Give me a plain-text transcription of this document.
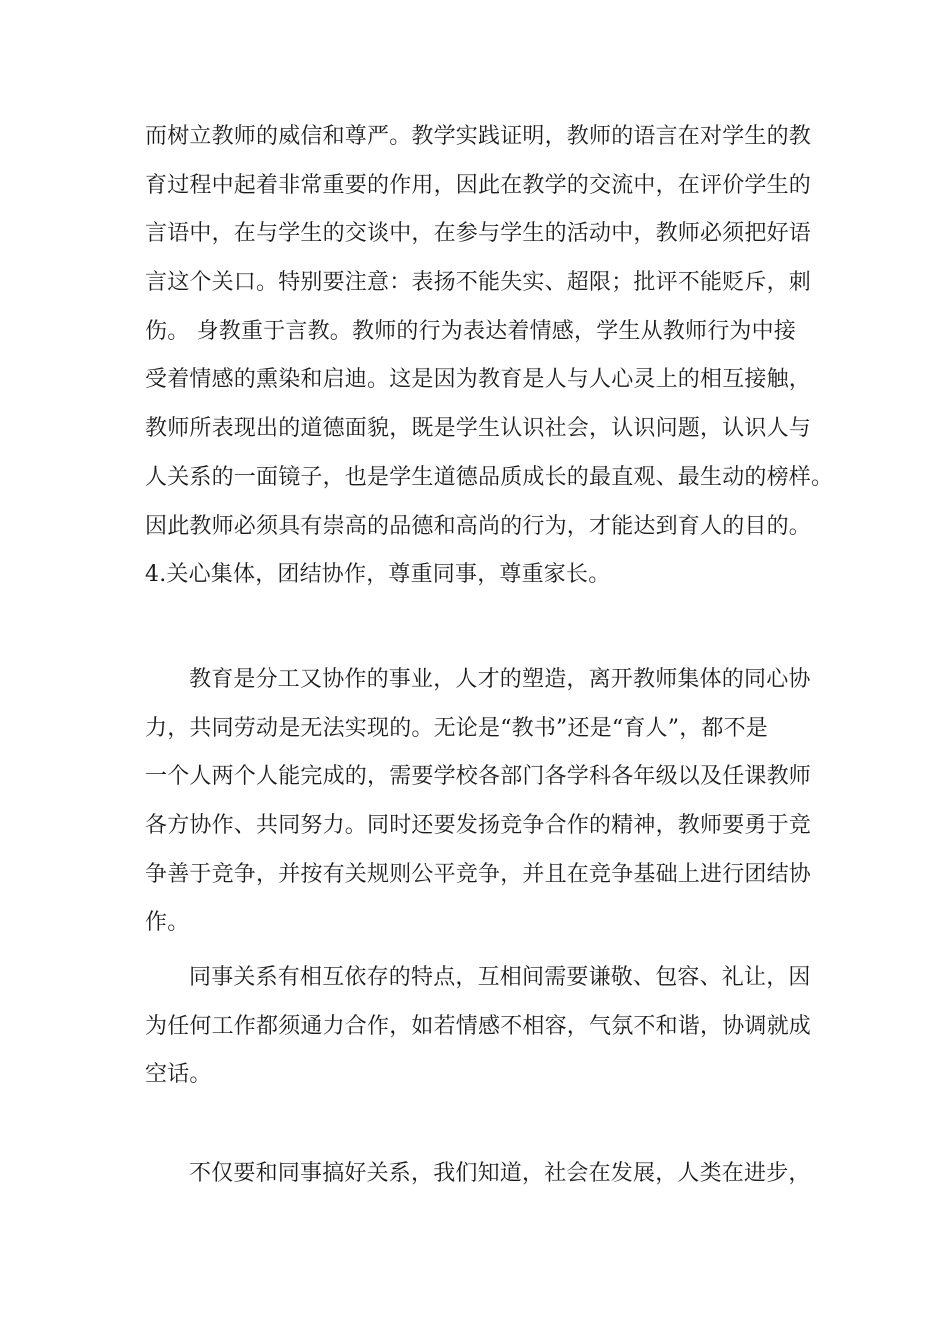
而树立教师的威信和尊严。教学实践证明，教师的语言在对学生的教
育过程中起着非常重要的作用，因此在教学的交流中，在评价学生的
言语中，在与学生的交谈中，在参与学生的活动中，教师必须把好语
言这个关口。特别要注意：表扬不能失实、超限；批评不能贬斥，刺
伤。 身教重于言教。教师的行为表达着情感，学生从教师行为中接
受着情感的熏染和启迪。这是因为教育是人与人心灵上的相互接触，
教师所表现出的道德面貌，既是学生认识社会，认识问题，认识人与
人关系的一面镜子，也是学生道德品质成长的最直观、最生动的榜样。
因此教师必须具有崇高的品德和高尚的行为，才能达到育人的目的。
4.关心集体，团结协作，尊重同事，尊重家长。
教育是分工又协作的事业，人才的塑造，离开教师集体的同心协
力，共同劳动是无法实现的。无论是“教书”还是“育人”，都不是
一个人两个人能完成的，需要学校各部门各学科各年级以及任课教师
各方协作、共同努力。同时还要发扬竞争合作的精神，教师要勇于竞
争善于竞争，并按有关规则公平竞争，并且在竞争基础上进行团结协
作。
同事关系有相互依存的特点，互相间需要谦敬、包容、礼让，因
为任何工作都须通力合作，如若情感不相容，气氛不和谐，协调就成
空话。
不仅要和同事搞好关系，我们知道，社会在发展，人类在进步，
